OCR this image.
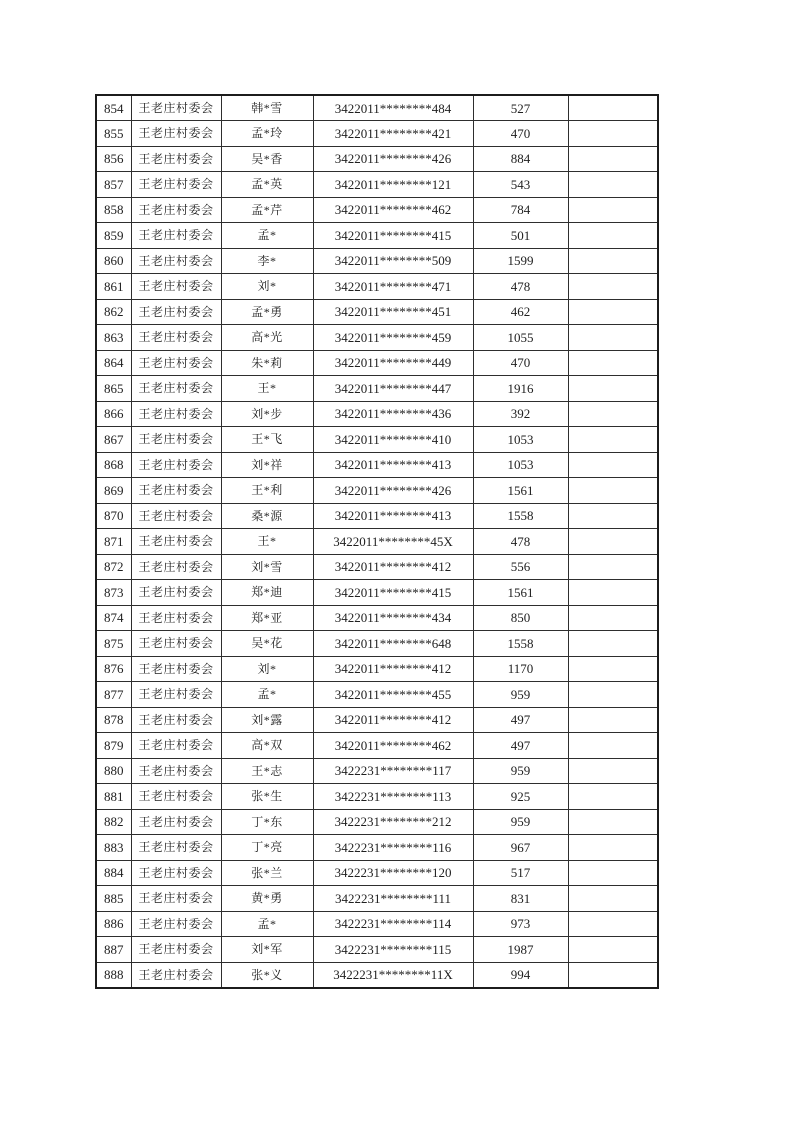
854	王老庄村委会	韩*雪	3422011********484	527	
855	王老庄村委会	孟*玲	3422011********421	470	
856	王老庄村委会	吴*香	3422011********426	884	
857	王老庄村委会	孟*英	3422011********121	543	
858	王老庄村委会	孟*芹	3422011********462	784	
859	王老庄村委会	孟*	3422011********415	501	
860	王老庄村委会	李*	3422011********509	1599	
861	王老庄村委会	刘*	3422011********471	478	
862	王老庄村委会	孟*勇	3422011********451	462	
863	王老庄村委会	高*光	3422011********459	1055	
864	王老庄村委会	朱*莉	3422011********449	470	
865	王老庄村委会	王*	3422011********447	1916	
866	王老庄村委会	刘*步	3422011********436	392	
867	王老庄村委会	王*飞	3422011********410	1053	
868	王老庄村委会	刘*祥	3422011********413	1053	
869	王老庄村委会	王*利	3422011********426	1561	
870	王老庄村委会	桑*源	3422011********413	1558	
871	王老庄村委会	王*	3422011********45X	478	
872	王老庄村委会	刘*雪	3422011********412	556	
873	王老庄村委会	郑*迪	3422011********415	1561	
874	王老庄村委会	郑*亚	3422011********434	850	
875	王老庄村委会	吴*花	3422011********648	1558	
876	王老庄村委会	刘*	3422011********412	1170	
877	王老庄村委会	孟*	3422011********455	959	
878	王老庄村委会	刘*露	3422011********412	497	
879	王老庄村委会	高*双	3422011********462	497	
880	王老庄村委会	王*志	3422231********117	959	
881	王老庄村委会	张*生	3422231********113	925	
882	王老庄村委会	丁*东	3422231********212	959	
883	王老庄村委会	丁*亮	3422231********116	967	
884	王老庄村委会	张*兰	3422231********120	517	
885	王老庄村委会	黄*勇	3422231********111	831	
886	王老庄村委会	孟*	3422231********114	973	
887	王老庄村委会	刘*军	3422231********115	1987	
888	王老庄村委会	张*义	3422231********11X	994	
